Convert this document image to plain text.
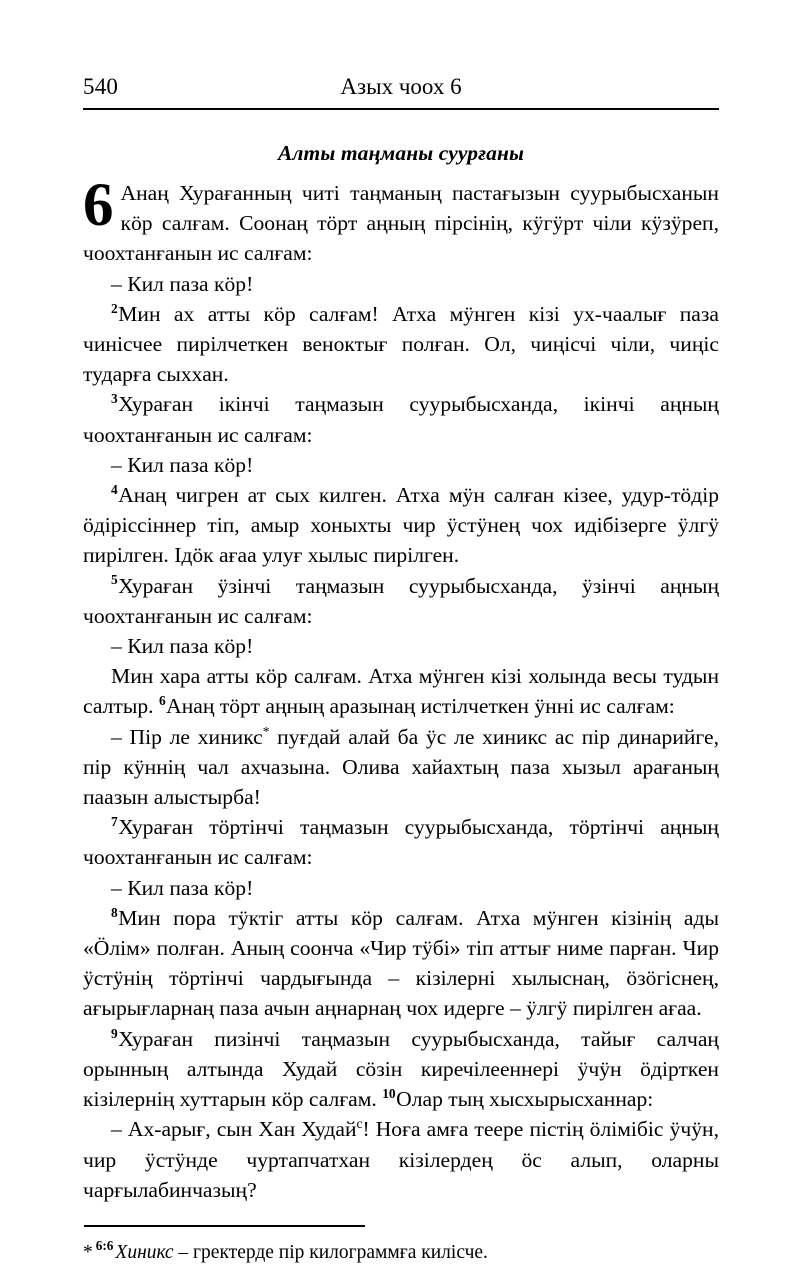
540	Азых чоох 6
Алты таңманы суурғаны

6 Анаң Хурағанның читі таңманың пастағызын суурыбысханын кӧр салғам. Соонаң тӧрт аңның пірсінің, кӱгӱрт чіли кӱзӱреп, чоохтанғанын ис салғам:

– Кил паза кӧр!

$^2$Мин ах атты кӧр салғам! Атха мӱнген кізі ух-чаалығ паза чинісчее пирілчеткен веноктығ полған. Ол, чиңісчі чіли, чиңіс тударға сыххан.

$^3$Хураған ікінчі таңмазын суурыбысханда, ікінчі аңның чоохтанғанын ис салғам:

– Кил паза кӧр!

$^4$Анаң чигрен ат сых килген. Атха мӱн салған кізее, удур-тӧдір ӧдіріссіннер тіп, амыр хоныхты чир ӱстӱнең чох идібізерге ӱлгӱ пирілген. Ідӧк ағаа улуғ хылыс пирілген.

$^5$Хураған ӱзінчі таңмазын суурыбысханда, ӱзінчі аңның чоохтанғанын ис салғам:

– Кил паза кӧр!

Мин хара атты кӧр салғам. Атха мӱнген кізі холында весы тудын салтыр. $^6$Анаң тӧрт аңның аразынаң истілчеткен ӱнні ис салғам:

– Пір ле хиникс* пуғдай алай ба ӱс ле хиникс ас пір динарийге, пір кӱннің чал ахчазына. Олива хайахтың паза хызыл арағаның паазын алыстырба!

$^7$Хураған тӧртінчі таңмазын суурыбысханда, тӧртінчі аңның чоохтанғанын ис салғам:

– Кил паза кӧр!

$^8$Мин пора тӱктіг атты кӧр салғам. Атха мӱнген кізінің ады «Ӧлім» полған. Аның соонча «Чир тӱбі» тіп аттығ ниме парған. Чир ӱстӱнің тӧртінчі чардығында – кізілерні хылыснаң, ӧзӧгіснең, ағырығларнаң паза ачын аңнарнаң чох идерге – ӱлгӱ пирілген ағаа.

$^9$Хураған пизінчі таңмазын суурыбысханда, тайығ салчаң орынның алтында Худай сӧзін киречілееннері ӱчӱн ӧдірткен кізілернің хуттарын кӧр салғам. $^{10}$Олар тың хысхырысханнар:

– Ах-арығ, сын Хан Худай$^с$! Ноға амға теере пістің ӧлімібіс ӱчӱн, чир ӱстӱнде чуртапчатхан кізілердең ӧс алып, оларны чарғылабинчазың?

* $^{6:6}$ Хиникс – гректерде пір килограммға килісче.
